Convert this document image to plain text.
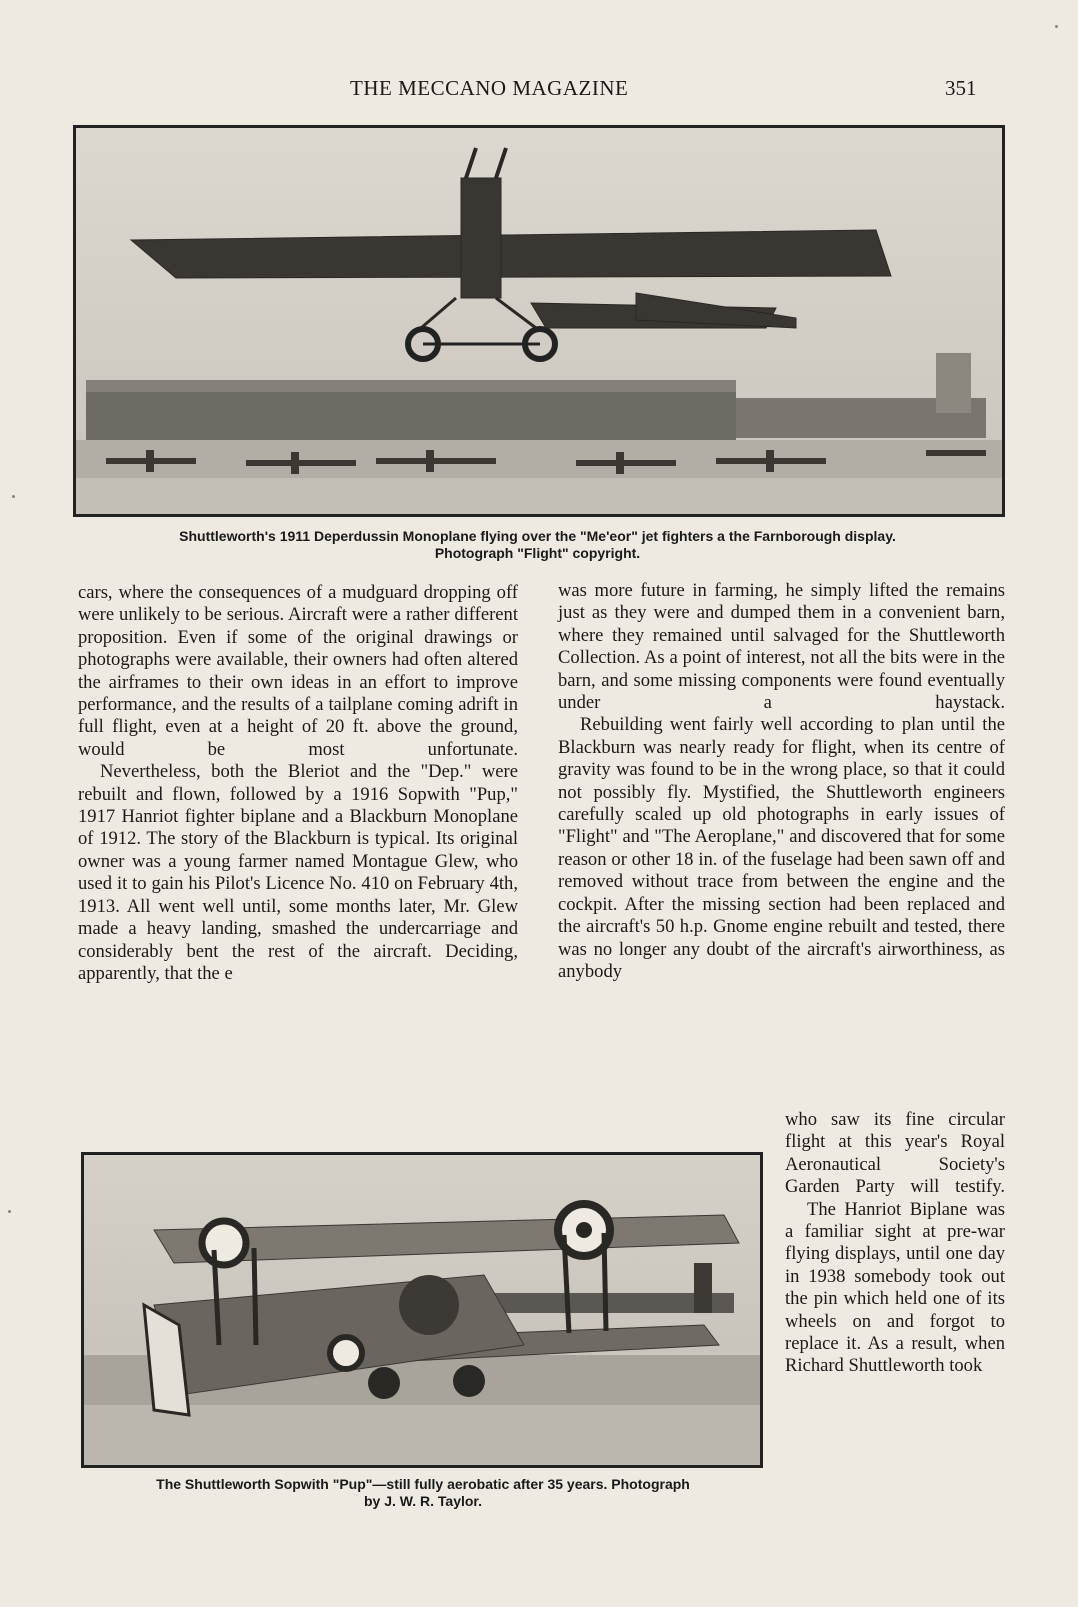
THE MECCANO MAGAZINE	351
Shuttleworth's 1911 Deperdussin Monoplane flying over the "Me'eor" jet fighters a the Farnborough display.
Photograph "Flight" copyright.

cars, where the consequences of a mudguard dropping off were unlikely to be serious. Aircraft were a rather different proposition. Even if some of the original drawings or photographs were available, their owners had often altered the airframes to their own ideas in an effort to improve performance, and the results of a tailplane coming adrift in full flight, even at a height of 20 ft. above the ground, would be most unfortunate.

Nevertheless, both the Bleriot and the "Dep." were rebuilt and flown, followed by a 1916 Sopwith "Pup," 1917 Hanriot fighter biplane and a Blackburn Monoplane of 1912. The story of the Blackburn is typical. Its original owner was a young farmer named Montague Glew, who used it to gain his Pilot's Licence No. 410 on February 4th, 1913. All went well until, some months later, Mr. Glew made a heavy landing, smashed the undercarriage and considerably bent the rest of the aircraft. Deciding, apparently, that the e

was more future in farming, he simply lifted the remains just as they were and dumped them in a convenient barn, where they remained until salvaged for the Shuttleworth Collection. As a point of interest, not all the bits were in the barn, and some missing components were found eventually under a haystack.

Rebuilding went fairly well according to plan until the Blackburn was nearly ready for flight, when its centre of gravity was found to be in the wrong place, so that it could not possibly fly. Mystified, the Shuttleworth engineers carefully scaled up old photographs in early issues of "Flight" and "The Aeroplane," and discovered that for some reason or other 18 in. of the fuselage had been sawn off and removed without trace from between the engine and the cockpit. After the missing section had been replaced and the aircraft's 50 h.p. Gnome engine rebuilt and tested, there was no longer any doubt of the aircraft's airworthiness, as anybody

The Shuttleworth Sopwith "Pup"—still fully aerobatic after 35 years. Photograph
by J. W. R. Taylor.

who saw its fine circular flight at this year's Royal Aeronautical Society's Garden Party will testify.

The Hanriot Biplane was a familiar sight at pre-war flying displays, until one day in 1938 somebody took out the pin which held one of its wheels on and forgot to replace it. As a result, when Richard Shuttleworth took
